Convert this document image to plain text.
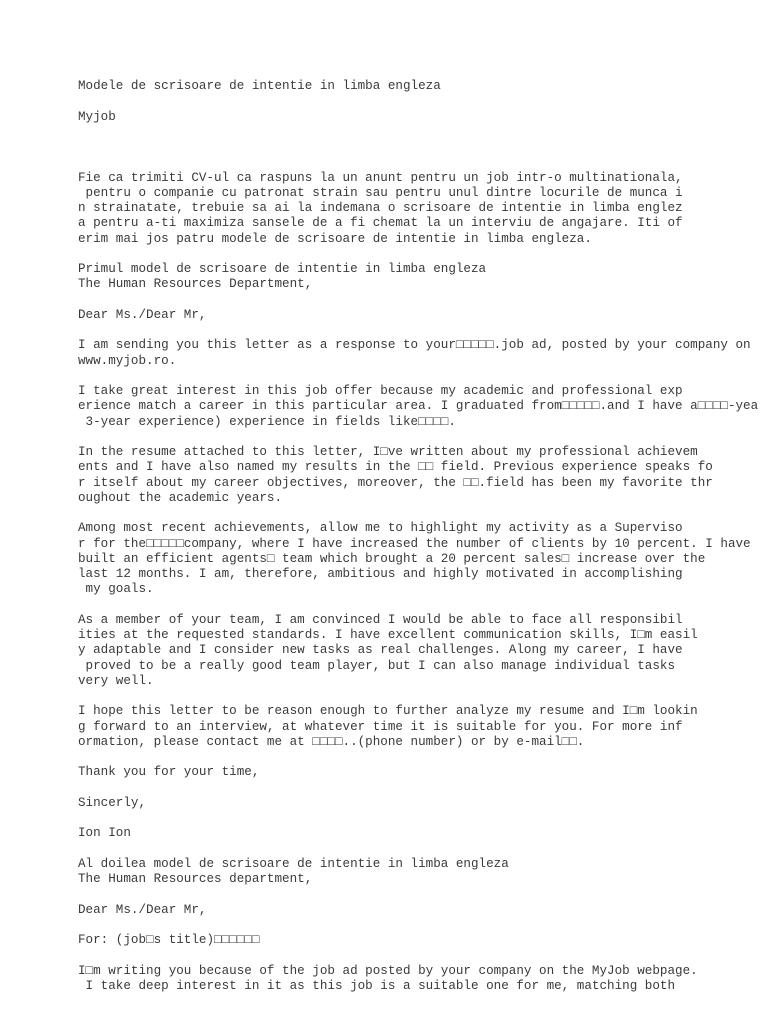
Modele de scrisoare de intentie in limba engleza

Myjob

Fie ca trimiti CV-ul ca raspuns la un anunt pentru un job intr-o multinationala,
pentru o companie cu patronat strain sau pentru unul dintre locurile de munca i
n strainatate, trebuie sa ai la indemana o scrisoare de intentie in limba englez
a pentru a-ti maximiza sansele de a fi chemat la un interviu de angajare. Iti of
erim mai jos patru modele de scrisoare de intentie in limba engleza.

Primul model de scrisoare de intentie in limba engleza
The Human Resources Department,

Dear Ms./Dear Mr,

I am sending you this letter as a response to your□□□□□.job ad, posted by your company on
www.myjob.ro.

I take great interest in this job offer because my academic and professional exp
erience match a career in this particular area. I graduated from□□□□□.and I have a□□□□-yea
3-year experience) experience in fields like□□□□.

In the resume attached to this letter, I□ve written about my professional achievem
ents and I have also named my results in the □□ field. Previous experience speaks fo
r itself about my career objectives, moreover, the □□.field has been my favorite thr
oughout the academic years.

Among most recent achievements, allow me to highlight my activity as a Superviso
r for the□□□□□company, where I have increased the number of clients by 10 percent. I have
built an efficient agents□ team which brought a 20 percent sales□ increase over the
last 12 months. I am, therefore, ambitious and highly motivated in accomplishing
my goals.

As a member of your team, I am convinced I would be able to face all responsibil
ities at the requested standards. I have excellent communication skills, I□m easil
y adaptable and I consider new tasks as real challenges. Along my career, I have
proved to be a really good team player, but I can also manage individual tasks
very well.

I hope this letter to be reason enough to further analyze my resume and I□m lookin
g forward to an interview, at whatever time it is suitable for you. For more inf
ormation, please contact me at □□□□..(phone number) or by e-mail□□.

Thank you for your time,

Sincerly,

Ion Ion

Al doilea model de scrisoare de intentie in limba engleza
The Human Resources department,

Dear Ms./Dear Mr,

For: (job□s title)□□□□□□

I□m writing you because of the job ad posted by your company on the MyJob webpage.
I take deep interest in it as this job is a suitable one for me, matching both
